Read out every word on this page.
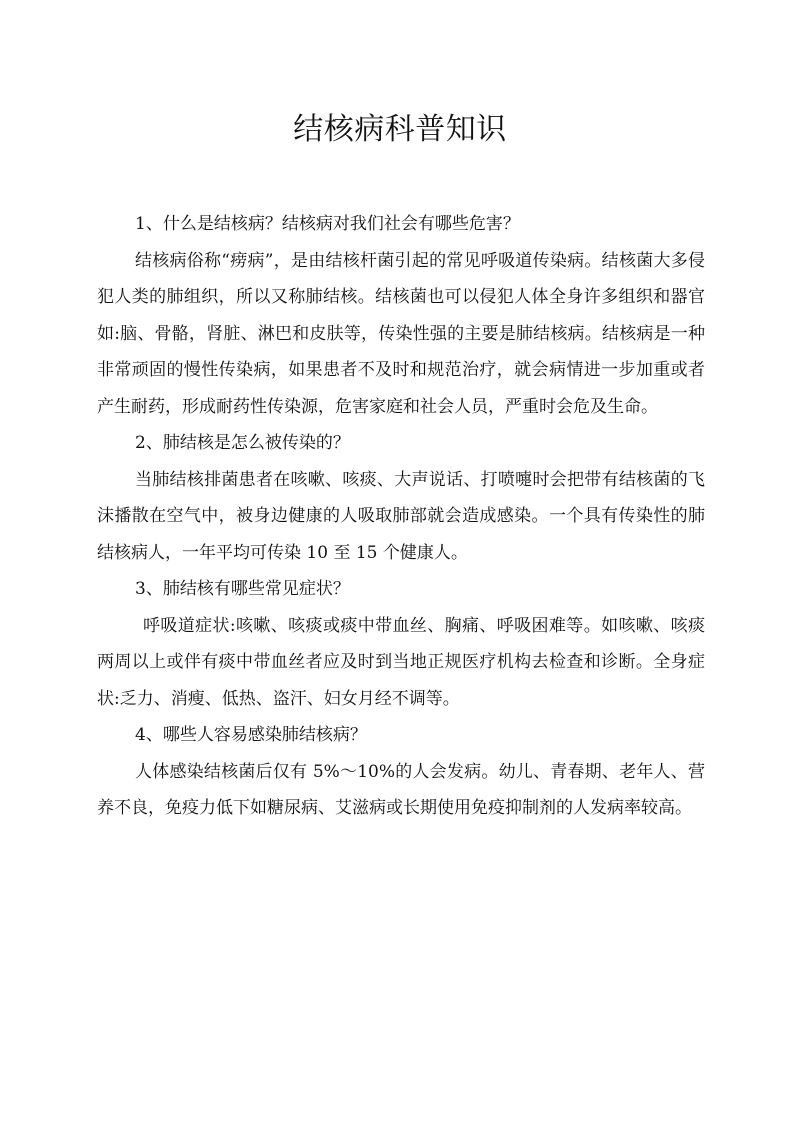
结核病科普知识

1、什么是结核病？结核病对我们社会有哪些危害？

结核病俗称“痨病”，是由结核杆菌引起的常见呼吸道传染病。结核菌大多侵犯人类的肺组织，所以又称肺结核。结核菌也可以侵犯人体全身许多组织和器官如:脑、骨骼，肾脏、淋巴和皮肤等，传染性强的主要是肺结核病。结核病是一种非常顽固的慢性传染病，如果患者不及时和规范治疗，就会病情进一步加重或者产生耐药，形成耐药性传染源，危害家庭和社会人员，严重时会危及生命。

2、肺结核是怎么被传染的？

当肺结核排菌患者在咳嗽、咳痰、大声说话、打喷嚏时会把带有结核菌的飞沫播散在空气中，被身边健康的人吸取肺部就会造成感染。一个具有传染性的肺结核病人，一年平均可传染 10 至 15 个健康人。

3、肺结核有哪些常见症状？

呼吸道症状:咳嗽、咳痰或痰中带血丝、胸痛、呼吸困难等。如咳嗽、咳痰两周以上或伴有痰中带血丝者应及时到当地正规医疗机构去检查和诊断。全身症状:乏力、消瘦、低热、盗汗、妇女月经不调等。

4、哪些人容易感染肺结核病？

人体感染结核菌后仅有 5%～10%的人会发病。幼儿、青春期、老年人、营养不良，免疫力低下如糖尿病、艾滋病或长期使用免疫抑制剂的人发病率较高。
